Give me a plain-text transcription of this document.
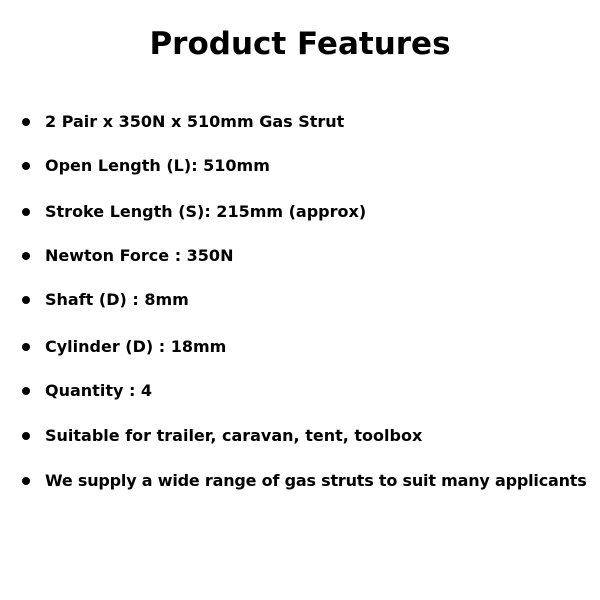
Product Features
2 Pair x 350N x 510mm Gas Strut
Open Length (L): 510mm
Stroke Length (S): 215mm (approx)
Newton Force : 350N
Shaft (D) : 8mm
Cylinder (D) : 18mm
Quantity : 4
Suitable for trailer, caravan, tent, toolbox
We supply a wide range of gas struts to suit many applicants
